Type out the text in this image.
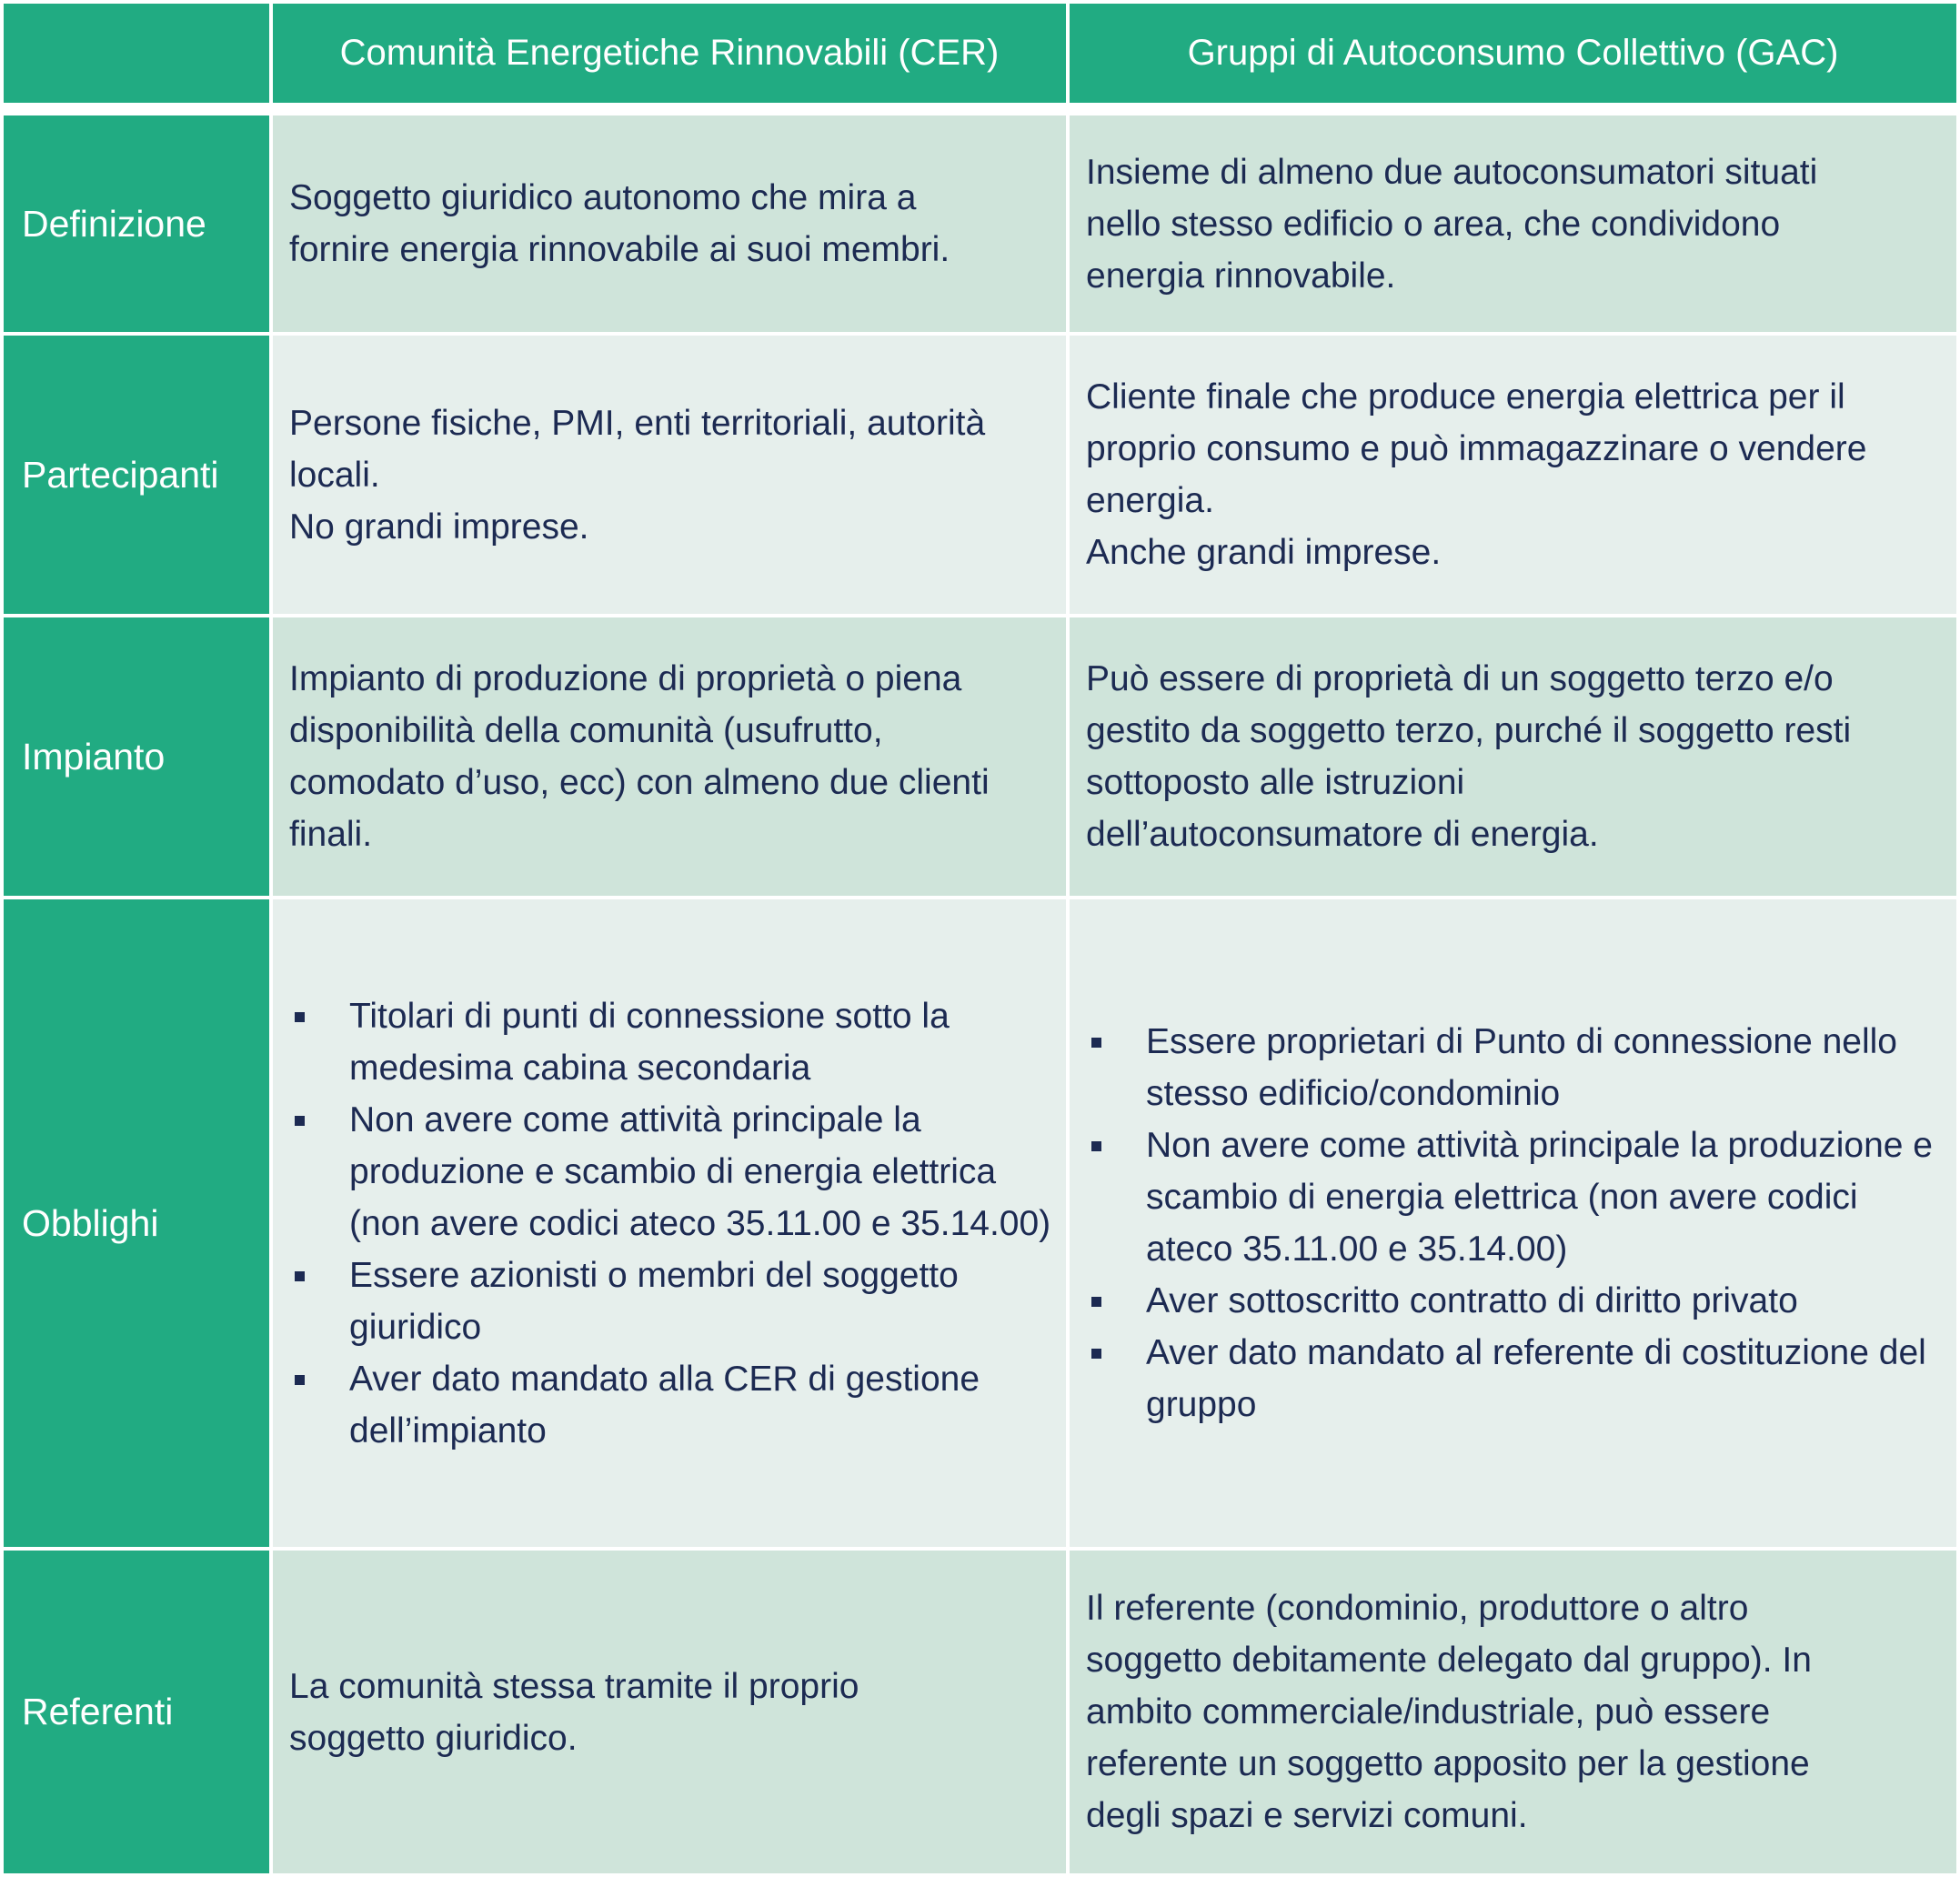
Comunità Energetiche Rinnovabili (CER)	Gruppi di Autoconsumo Collettivo (GAC)
Definizione

Soggetto giuridico autonomo che mira a
fornire energia rinnovabile ai suoi membri.

Insieme di almeno due autoconsumatori situati
nello stesso edificio o area, che condividono
energia rinnovabile.

Partecipanti

Persone fisiche, PMI, enti territoriali, autorità
locali.
No grandi imprese.

Cliente finale che produce energia elettrica per il
proprio consumo e può immagazzinare o vendere
energia.
Anche grandi imprese.

Impianto

Impianto di produzione di proprietà o piena
disponibilità della comunità (usufrutto,
comodato d’uso, ecc) con almeno due clienti
finali.

Può essere di proprietà di un soggetto terzo e/o
gestito da soggetto terzo, purché il soggetto resti
sottoposto alle istruzioni
dell’autoconsumatore di energia.

Obblighi
Titolari di punti di connessione sotto la medesima cabina secondaria
Non avere come attività principale la produzione e scambio di energia elettrica (non avere codici ateco 35.11.00 e 35.14.00)
Essere azionisti o membri del soggetto giuridico
Aver dato mandato alla CER di gestione dell’impianto
Essere proprietari di Punto di connessione nello stesso edificio/condominio
Non avere come attività principale la produzione e scambio di energia elettrica (non avere codici ateco 35.11.00 e 35.14.00)
Aver sottoscritto contratto di diritto privato
Aver dato mandato al referente di costituzione del gruppo
Referenti

La comunità stessa tramite il proprio
soggetto giuridico.

Il referente (condominio, produttore o altro
soggetto debitamente delegato dal gruppo). In
ambito commerciale/industriale, può essere
referente un soggetto apposito per la gestione
degli spazi e servizi comuni.
